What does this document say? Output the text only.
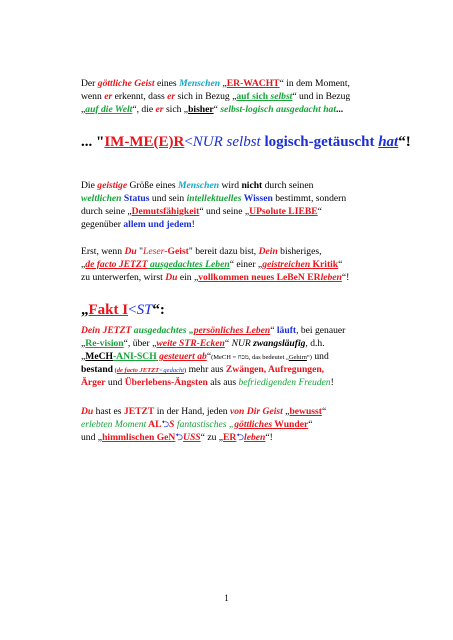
Der göttliche Geist eines Menschen „ER-WACHT“ in dem Moment,
wenn er erkennt, dass er sich in Bezug „auf sich selbst“ und in Bezug
„auf die Welt“, die er sich „bisher“ selbst-logisch ausgedacht hat...
... "IM-ME(E)R<NUR selbst logisch-getäuscht hat“!
Die geistige Größe eines Menschen wird nicht durch seinen
weltlichen Status und sein intellektuelles Wissen bestimmt, sondern
durch seine „Demutsfähigkeit“ und seine „UPsolute LIEBE“
gegenüber allem und jedem!
Erst, wenn Du "Leser-Geist" bereit dazu bist, Dein bisheriges,
„de facto JETZT ausgedachtes Leben“ einer „geistreichen Kritik“
zu unterwerfen, wirst Du ein „vollkommen neues LeBeN ERleben“!
„Fakt I<ST“:
Dein JETZT ausgedachtes „persönliches Leben“ läuft, bei genauer
„Re-vision“, über „weite STR-Ecken“ NUR zwangsläufig, d.h.
„MeCH-ANI-SCH gesteuert ab“(MeCH = מכח, das bedeutet „Gehirn“) und
bestand (de facto JETZT<gedacht) mehr aus Zwängen, Aufregungen,
Ärger und Überlebens-Ängsten als aus befriedigenden Freuden!
Du hast es JETZT in der Hand, jeden von Dir Geist „bewusst“
erlebten Moment AL⮌S fantastisches „göttliches Wunder“
und „himmlischen GeN⮌USS“ zu „ER⮌leben“!
1
